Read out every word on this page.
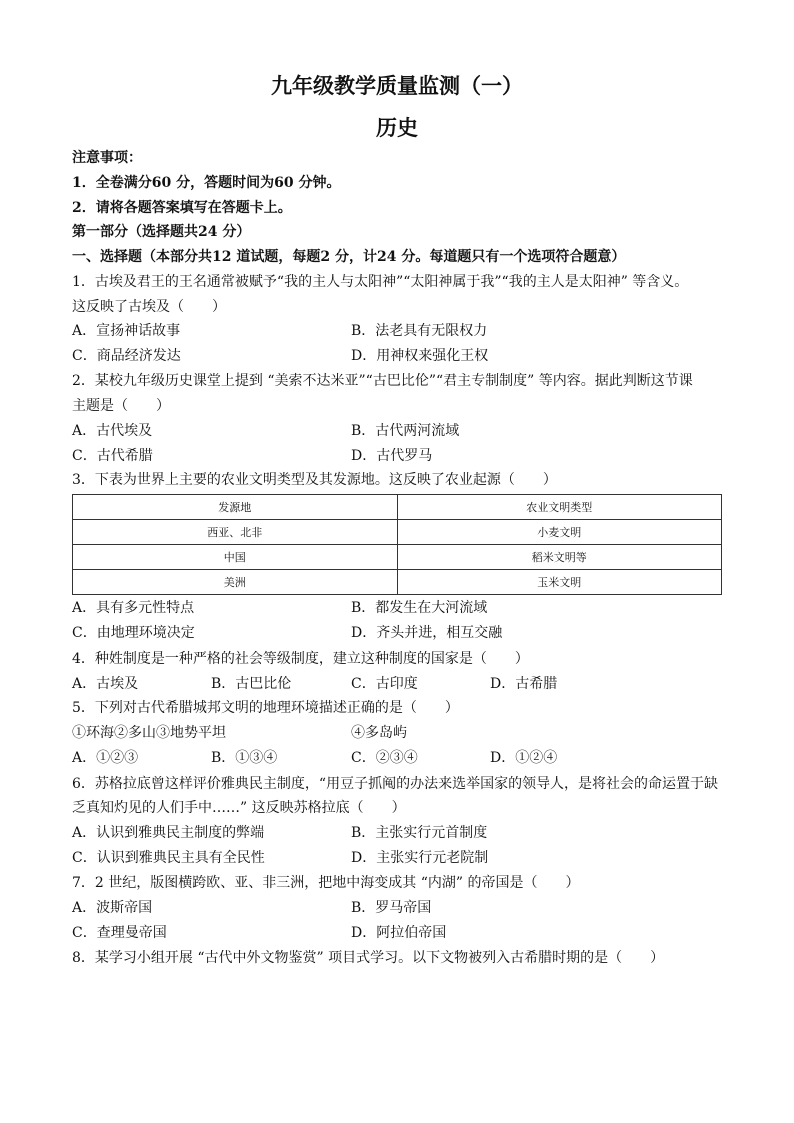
九年级教学质量监测（一）
历史
注意事项：
1．全卷满分60 分，答题时间为60 分钟。
2．请将各题答案填写在答题卡上。
第一部分（选择题共24 分）
一、选择题（本部分共12 道试题，每题2 分，计24 分。每道题只有一个选项符合题意）
1．古埃及君王的王名通常被赋予“我的主人与太阳神”“太阳神属于我”“我的主人是太阳神” 等含义。
这反映了古埃及（　　）
A．宣扬神话故事	B．法老具有无限权力
C．商品经济发达	D．用神权来强化王权
2．某校九年级历史课堂上提到 “美索不达米亚”“古巴比伦”“君主专制制度” 等内容。据此判断这节课
主题是（　　）
A．古代埃及	B．古代两河流域
C．古代希腊	D．古代罗马
3．下表为世界上主要的农业文明类型及其发源地。这反映了农业起源（　　）
发源地	农业文明类型
西亚、北非	小麦文明
中国	稻米文明等
美洲	玉米文明
A．具有多元性特点	B．都发生在大河流域
C．由地理环境决定	D．齐头并进，相互交融
4．种姓制度是一种严格的社会等级制度，建立这种制度的国家是（　　）
A．古埃及	B．古巴比伦	C．古印度	D．古希腊
5．下列对古代希腊城邦文明的地理环境描述正确的是（　　）
①环海②多山③地势平坦	④多岛屿
A．①②③	B．①③④	C．②③④	D．①②④
6．苏格拉底曾这样评价雅典民主制度，“用豆子抓阄的办法来选举国家的领导人，是将社会的命运置于缺
乏真知灼见的人们手中……” 这反映苏格拉底（　　）
A．认识到雅典民主制度的弊端	B．主张实行元首制度
C．认识到雅典民主具有全民性	D．主张实行元老院制
7．2 世纪，版图横跨欧、亚、非三洲，把地中海变成其 “内湖” 的帝国是（　　）
A．波斯帝国	B．罗马帝国
C．查理曼帝国	D．阿拉伯帝国
8．某学习小组开展 “古代中外文物鉴赏” 项目式学习。以下文物被列入古希腊时期的是（　　）
